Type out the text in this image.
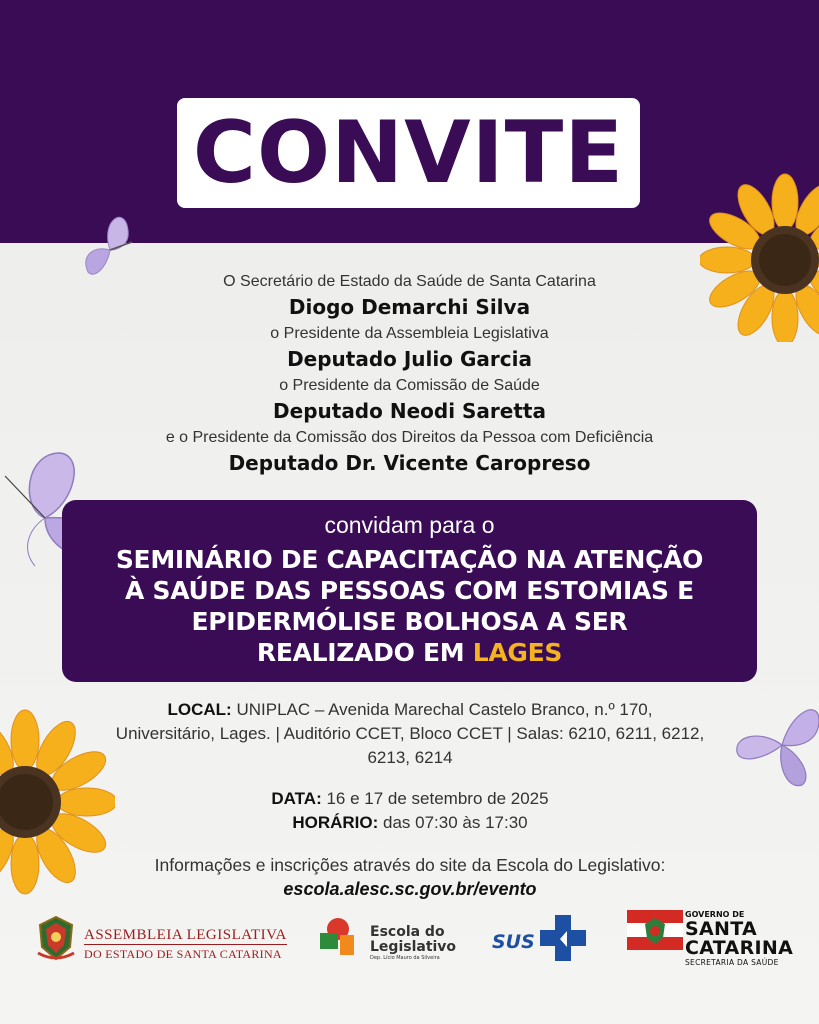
CONVITE
O Secretário de Estado da Saúde de Santa Catarina
Diogo Demarchi Silva
o Presidente da Assembleia Legislativa
Deputado Julio Garcia
o Presidente da Comissão de Saúde
Deputado Neodi Saretta
e o Presidente da Comissão dos Direitos da Pessoa com Deficiência
Deputado Dr. Vicente Caropreso
convidam para o
SEMINÁRIO DE CAPACITAÇÃO NA ATENÇÃO
À SAÚDE DAS PESSOAS COM ESTOMIAS E
EPIDERMÓLISE BOLHOSA A SER
REALIZADO EM LAGES
LOCAL: UNIPLAC – Avenida Marechal Castelo Branco, n.º 170,
Universitário, Lages. | Auditório CCET, Bloco CCET | Salas: 6210, 6211, 6212,
6213, 6214
DATA: 16 e 17 de setembro de 2025
HORÁRIO: das 07:30 às 17:30
Informações e inscrições através do site da Escola do Legislativo:
escola.alesc.sc.gov.br/evento
ASSEMBLEIA LEGISLATIVA
DO ESTADO DE SANTA CATARINA
Escola do
Legislativo
Dep. Lício Mauro da Silveira
SUS
GOVERNO DE
SANTA
CATARINA
SECRETARIA DA SAÚDE
